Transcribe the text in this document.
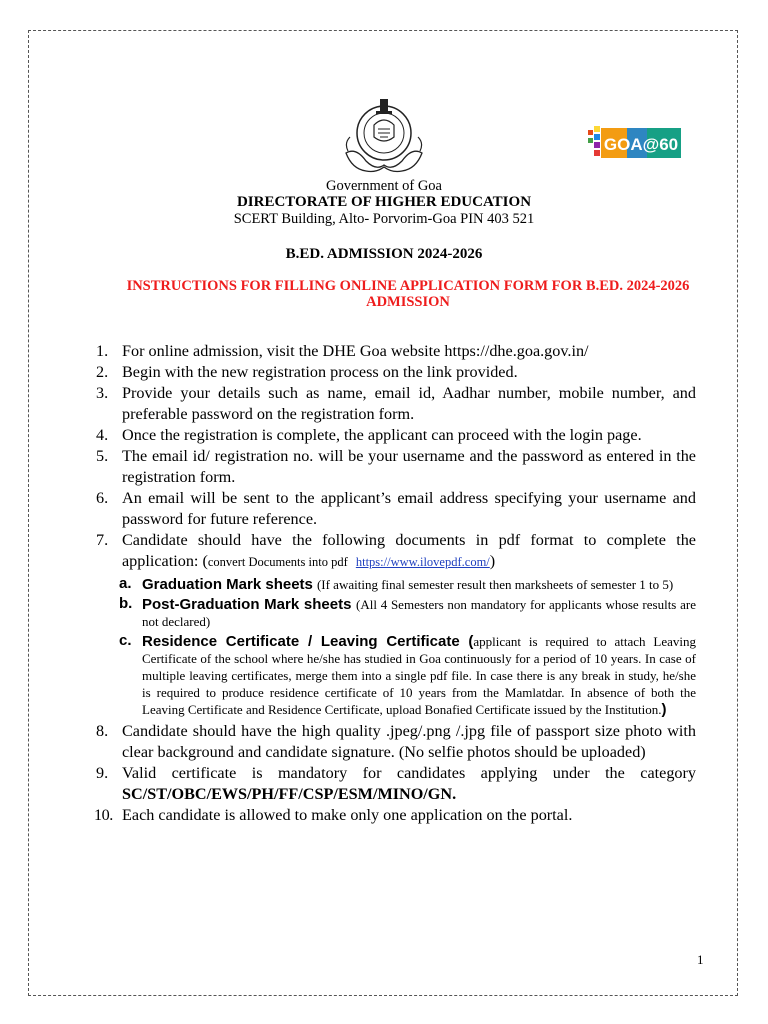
GOA@60
Government of Goa
DIRECTORATE OF HIGHER EDUCATION
SCERT Building, Alto- Porvorim-Goa PIN 403 521
B.ED. ADMISSION 2024-2026
INSTRUCTIONS FOR FILLING ONLINE APPLICATION FORM FOR B.ED. 2024-2026 ADMISSION
1. For online admission, visit the DHE Goa website https://dhe.goa.gov.in/
2. Begin with the new registration process on the link provided.
3. Provide your details such as name, email id, Aadhar number, mobile number, and preferable password on the registration form.
4. Once the registration is complete, the applicant can proceed with the login page.
5. The email id/ registration no. will be your username and the password as entered in the registration form.
6. An email will be sent to the applicant’s email address specifying your username and password for future reference.
7. Candidate should have the following documents in pdf format to complete the application: (convert Documents into pdf https://www.ilovepdf.com/)
a. Graduation Mark sheets (If awaiting final semester result then marksheets of semester 1 to 5)
b. Post-Graduation Mark sheets (All 4 Semesters non mandatory for applicants whose results are not declared)
c. Residence Certificate / Leaving Certificate (applicant is required to attach Leaving Certificate of the school where he/she has studied in Goa continuously for a period of 10 years. In case of multiple leaving certificates, merge them into a single pdf file. In case there is any break in study, he/she is required to produce residence certificate of 10 years from the Mamlatdar. In absence of both the Leaving Certificate and Residence Certificate, upload Bonafied Certificate issued by the Institution.)
8. Candidate should have the high quality .jpeg/.png /.jpg file of passport size photo with clear background and candidate signature. (No selfie photos should be uploaded)
9. Valid certificate is mandatory for candidates applying under the category SC/ST/OBC/EWS/PH/FF/CSP/ESM/MINO/GN.
10. Each candidate is allowed to make only one application on the portal.
1
